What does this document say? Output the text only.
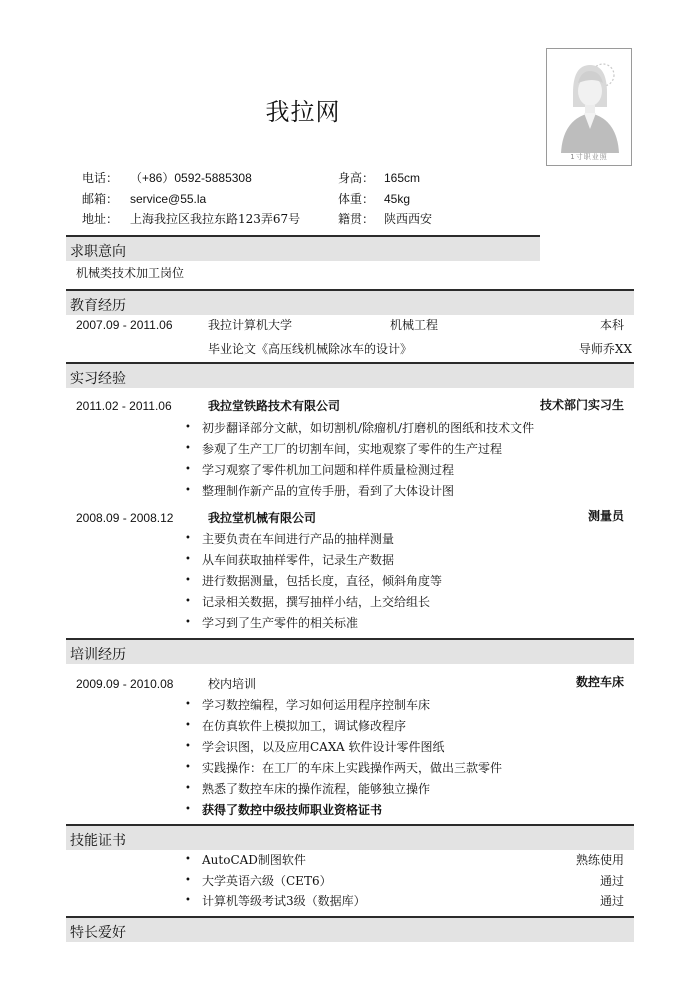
我拉网
1寸职业照
电话： （+86）0592-5885308
邮箱： service@55.la
地址： 上海我拉区我拉东路123弄67号
身高： 165cm
体重： 45kg
籍贯： 陕西西安
求职意向
机械类技术加工岗位
教育经历
2007.09 - 2011.06	我拉计算机大学	机械工程	本科
毕业论文《高压线机械除冰车的设计》	导师乔XX
实习经验
2011.02 - 2011.06	我拉堂铁路技术有限公司	技术部门实习生
• 初步翻译部分文献，如切割机/除瘤机/打磨机的图纸和技术文件
• 参观了生产工厂的切割车间，实地观察了零件的生产过程
• 学习观察了零件机加工问题和样件质量检测过程
• 整理制作新产品的宣传手册，看到了大体设计图
2008.09 - 2008.12	我拉堂机械有限公司	测量员
• 主要负责在车间进行产品的抽样测量
• 从车间获取抽样零件，记录生产数据
• 进行数据测量，包括长度，直径，倾斜角度等
• 记录相关数据，撰写抽样小结，上交给组长
• 学习到了生产零件的相关标准
培训经历
2009.09 - 2010.08	校内培训	数控车床
• 学习数控编程，学习如何运用程序控制车床
• 在仿真软件上模拟加工，调试修改程序
• 学会识图，以及应用CAXA 软件设计零件图纸
• 实践操作：在工厂的车床上实践操作两天，做出三款零件
• 熟悉了数控车床的操作流程，能够独立操作
• 获得了数控中级技师职业资格证书
技能证书
• AutoCAD制图软件	熟练使用
• 大学英语六级（CET6）	通过
• 计算机等级考试3级（数据库）	通过
特长爱好
